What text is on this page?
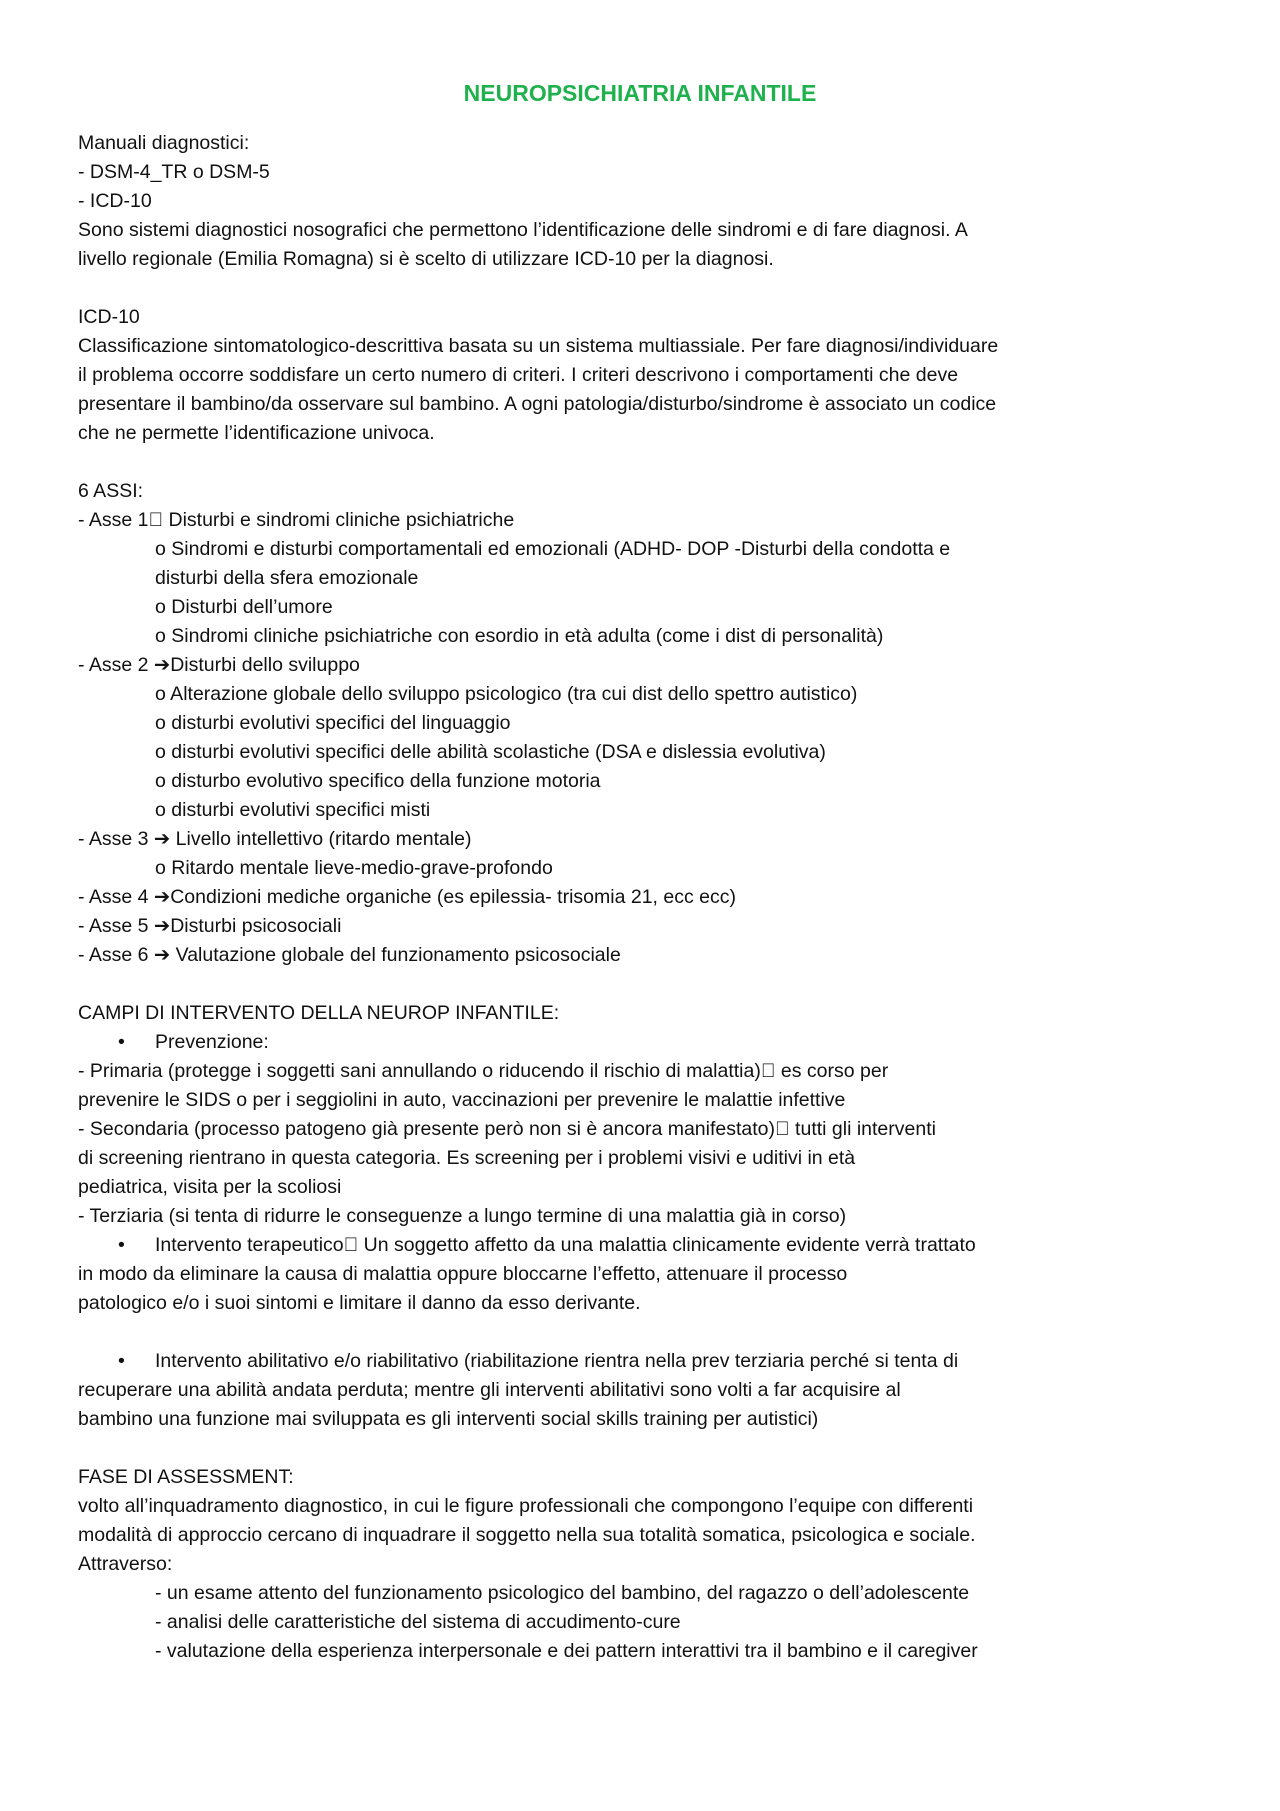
NEUROPSICHIATRIA INFANTILE

Manuali diagnostici:

- DSM-4_TR o DSM-5

- ICD-10

Sono sistemi diagnostici nosografici che permettono l’identificazione delle sindromi e di fare diagnosi. A

livello regionale (Emilia Romagna) si è scelto di utilizzare ICD-10 per la diagnosi.

ICD-10

Classificazione sintomatologico-descrittiva basata su un sistema multiassiale. Per fare diagnosi/individuare

il problema occorre soddisfare un certo numero di criteri. I criteri descrivono i comportamenti che deve

presentare il bambino/da osservare sul bambino. A ogni patologia/disturbo/sindrome è associato un codice

che ne permette l’identificazione univoca.

6 ASSI:

- Asse 1  Disturbi e sindromi cliniche psichiatriche

o Sindromi e disturbi comportamentali ed emozionali (ADHD- DOP -Disturbi della condotta e

disturbi della sfera emozionale

o Disturbi dell’umore

o Sindromi cliniche psichiatriche con esordio in età adulta (come i dist di personalità)

- Asse 2 ➔Disturbi dello sviluppo

o Alterazione globale dello sviluppo psicologico (tra cui dist dello spettro autistico)

o disturbi evolutivi specifici del linguaggio

o disturbi evolutivi specifici delle abilità scolastiche (DSA e dislessia evolutiva)

o disturbo evolutivo specifico della funzione motoria

o disturbi evolutivi specifici misti

- Asse 3 ➔ Livello intellettivo (ritardo mentale)

o Ritardo mentale lieve-medio-grave-profondo

- Asse 4 ➔Condizioni mediche organiche (es epilessia- trisomia 21, ecc ecc)

- Asse 5 ➔Disturbi psicosociali

- Asse 6 ➔ Valutazione globale del funzionamento psicosociale

CAMPI DI INTERVENTO DELLA NEUROP INFANTILE:

• Prevenzione:

- Primaria (protegge i soggetti sani annullando o riducendo il rischio di malattia)  es corso per

prevenire le SIDS o per i seggiolini in auto, vaccinazioni per prevenire le malattie infettive

- Secondaria (processo patogeno già presente però non si è ancora manifestato)  tutti gli interventi

di screening rientrano in questa categoria. Es screening per i problemi visivi e uditivi in età

pediatrica, visita per la scoliosi

- Terziaria (si tenta di ridurre le conseguenze a lungo termine di una malattia già in corso)

• Intervento terapeutico  Un soggetto affetto da una malattia clinicamente evidente verrà trattato

in modo da eliminare la causa di malattia oppure bloccarne l’effetto, attenuare il processo

patologico e/o i suoi sintomi e limitare il danno da esso derivante.

• Intervento abilitativo e/o riabilitativo (riabilitazione rientra nella prev terziaria perché si tenta di

recuperare una abilità andata perduta; mentre gli interventi abilitativi sono volti a far acquisire al

bambino una funzione mai sviluppata es gli interventi social skills training per autistici)

FASE DI ASSESSMENT:

volto all’inquadramento diagnostico, in cui le figure professionali che compongono l’equipe con differenti

modalità di approccio cercano di inquadrare il soggetto nella sua totalità somatica, psicologica e sociale.

Attraverso:

- un esame attento del funzionamento psicologico del bambino, del ragazzo o dell’adolescente

- analisi delle caratteristiche del sistema di accudimento-cure

- valutazione della esperienza interpersonale e dei pattern interattivi tra il bambino e il caregiver
